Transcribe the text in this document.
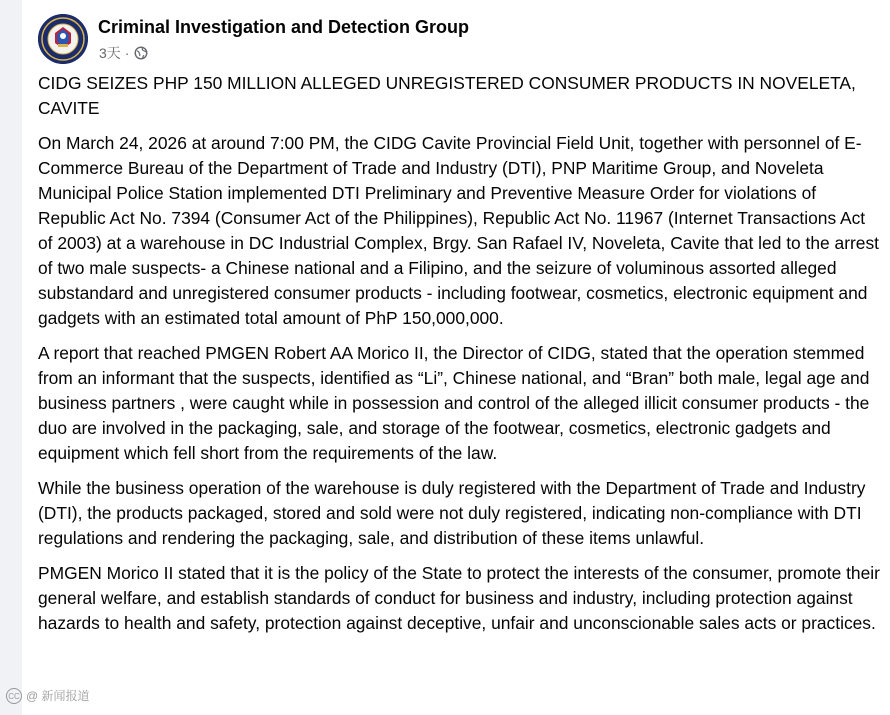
Criminal Investigation and Detection Group
3天 ·

CIDG SEIZES PHP 150 MILLION ALLEGED UNREGISTERED CONSUMER PRODUCTS IN NOVELETA, CAVITE

On March 24, 2026 at around 7:00 PM, the CIDG Cavite Provincial Field Unit, together with personnel of E-Commerce Bureau of the Department of Trade and Industry (DTI), PNP Maritime Group, and Noveleta Municipal Police Station implemented DTI Preliminary and Preventive Measure Order for violations of Republic Act No. 7394 (Consumer Act of the Philippines), Republic Act No. 11967 (Internet Transactions Act of 2003) at a warehouse in DC Industrial Complex, Brgy. San Rafael IV, Noveleta, Cavite that led to the arrest of two male suspects- a Chinese national and a Filipino, and the seizure of voluminous assorted alleged substandard and unregistered consumer products - including footwear, cosmetics, electronic equipment and gadgets with an estimated total amount of PhP 150,000,000.

A report that reached PMGEN Robert AA Morico II, the Director of CIDG, stated that the operation stemmed from an informant that the suspects, identified as “Li”, Chinese national, and “Bran” both male, legal age and business partners , were caught while in possession and control of the alleged illicit consumer products - the duo are involved in the packaging, sale, and storage of the footwear, cosmetics, electronic gadgets and equipment which fell short from the requirements of the law.

While the business operation of the warehouse is duly registered with the Department of Trade and Industry (DTI), the products packaged, stored and sold were not duly registered, indicating non-compliance with DTI regulations and rendering the packaging, sale, and distribution of these items unlawful.

PMGEN Morico II stated that it is the policy of the State to protect the interests of the consumer, promote their general welfare, and establish standards of conduct for business and industry, including protection against hazards to health and safety, protection against deceptive, unfair and unconscionable sales acts or practices.

CC @ 新闻报道
